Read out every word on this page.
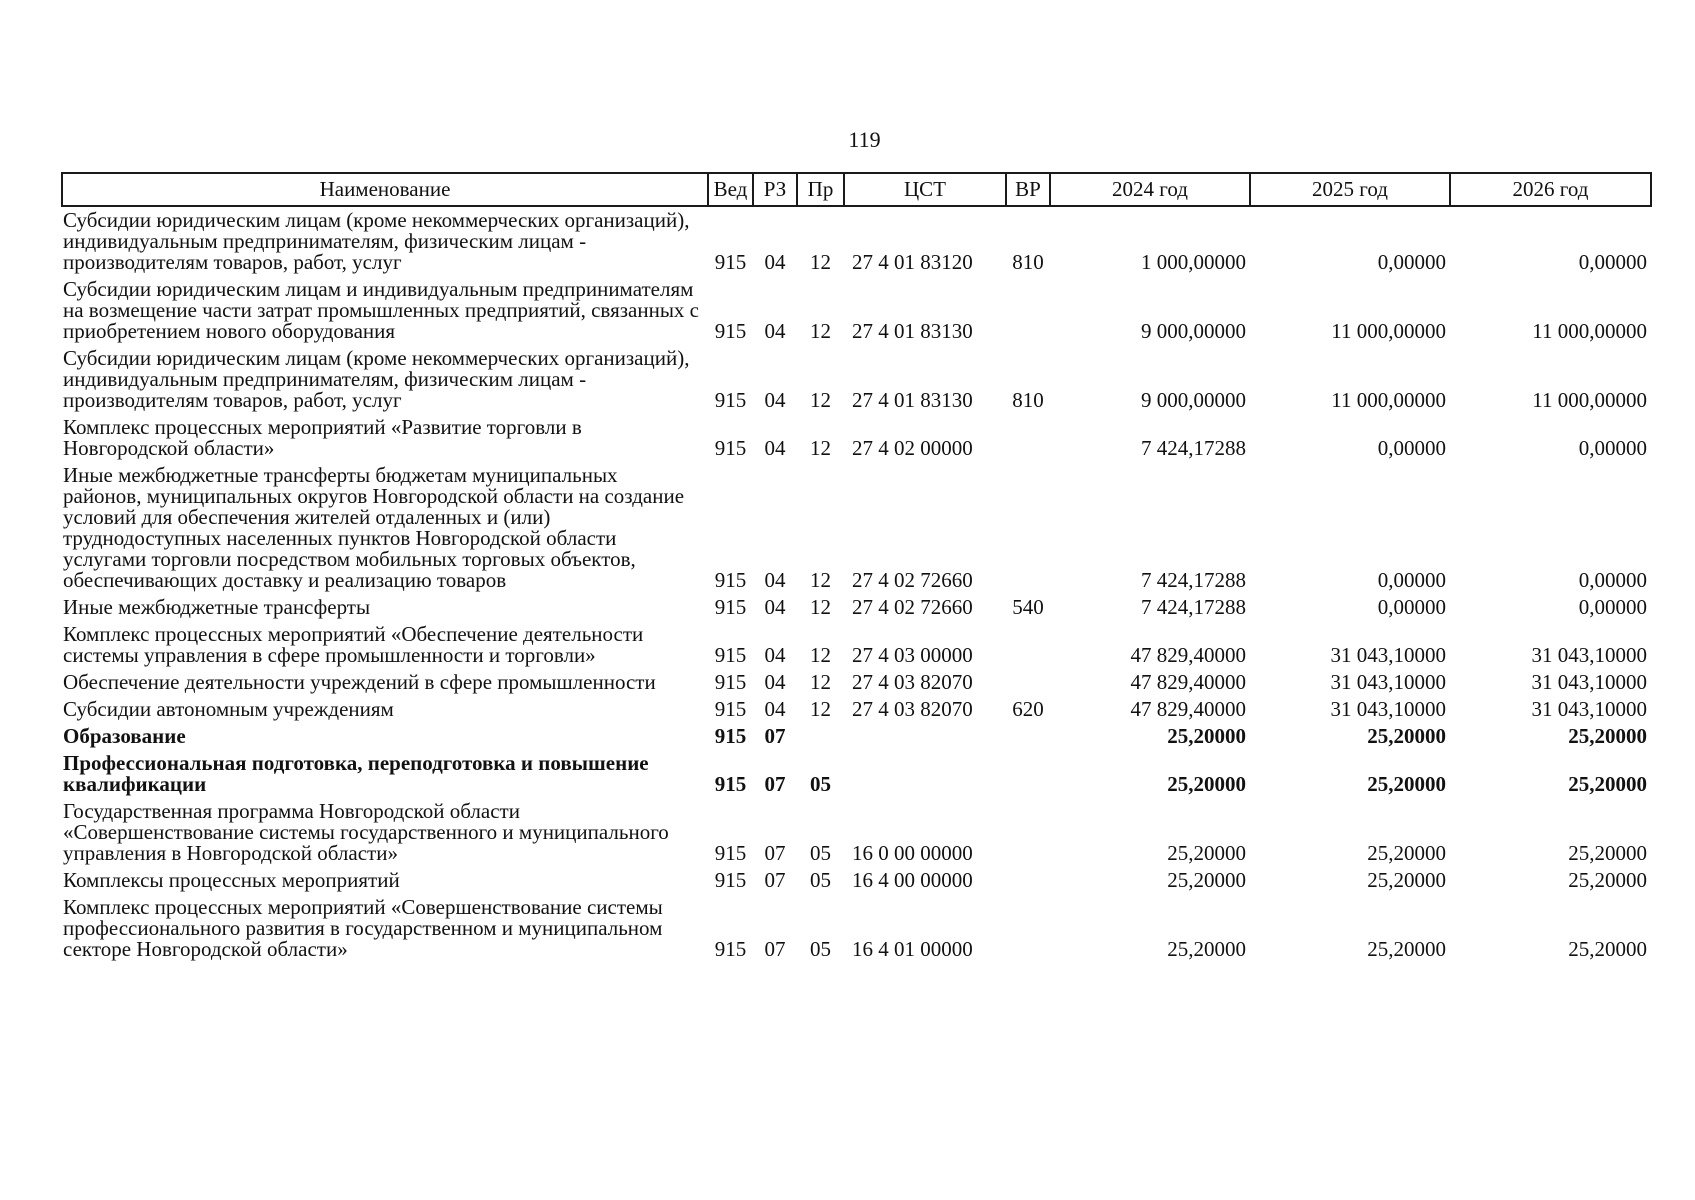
119
Наименование	Вед	РЗ	Пр	ЦСТ	ВР	2024 год	2025 год	2026 год
Субсидии юридическим лицам (кроме некоммерческих организаций), индивидуальным предпринимателям, физическим лицам - производителям товаров, работ, услуг	915	04	12	27 4 01 83120	810	1 000,00000	0,00000	0,00000
Субсидии юридическим лицам и индивидуальным предпринимателям на возмещение части затрат промышленных предприятий, связанных с приобретением нового оборудования	915	04	12	27 4 01 83130		9 000,00000	11 000,00000	11 000,00000
Субсидии юридическим лицам (кроме некоммерческих организаций), индивидуальным предпринимателям, физическим лицам - производителям товаров, работ, услуг	915	04	12	27 4 01 83130	810	9 000,00000	11 000,00000	11 000,00000
Комплекс процессных мероприятий «Развитие торговли в Новгородской области»	915	04	12	27 4 02 00000		7 424,17288	0,00000	0,00000
Иные межбюджетные трансферты бюджетам муниципальных районов, муниципальных округов Новгородской области на создание условий для обеспечения жителей отдаленных и (или) труднодоступных населенных пунктов Новгородской области услугами торговли посредством мобильных торговых объектов, обеспечивающих доставку и реализацию товаров	915	04	12	27 4 02 72660		7 424,17288	0,00000	0,00000
Иные межбюджетные трансферты	915	04	12	27 4 02 72660	540	7 424,17288	0,00000	0,00000
Комплекс процессных мероприятий «Обеспечение деятельности системы управления в сфере промышленности и торговли»	915	04	12	27 4 03 00000		47 829,40000	31 043,10000	31 043,10000
Обеспечение деятельности учреждений в сфере промышленности	915	04	12	27 4 03 82070		47 829,40000	31 043,10000	31 043,10000
Субсидии автономным учреждениям	915	04	12	27 4 03 82070	620	47 829,40000	31 043,10000	31 043,10000
Образование	915	07				25,20000	25,20000	25,20000
Профессиональная подготовка, переподготовка и повышение квалификации	915	07	05			25,20000	25,20000	25,20000
Государственная программа Новгородской области «Совершенствование системы государственного и муниципального управления в Новгородской области»	915	07	05	16 0 00 00000		25,20000	25,20000	25,20000
Комплексы процессных мероприятий	915	07	05	16 4 00 00000		25,20000	25,20000	25,20000
Комплекс процессных мероприятий «Совершенствование системы профессионального развития в государственном и муниципальном секторе Новгородской области»	915	07	05	16 4 01 00000		25,20000	25,20000	25,20000
